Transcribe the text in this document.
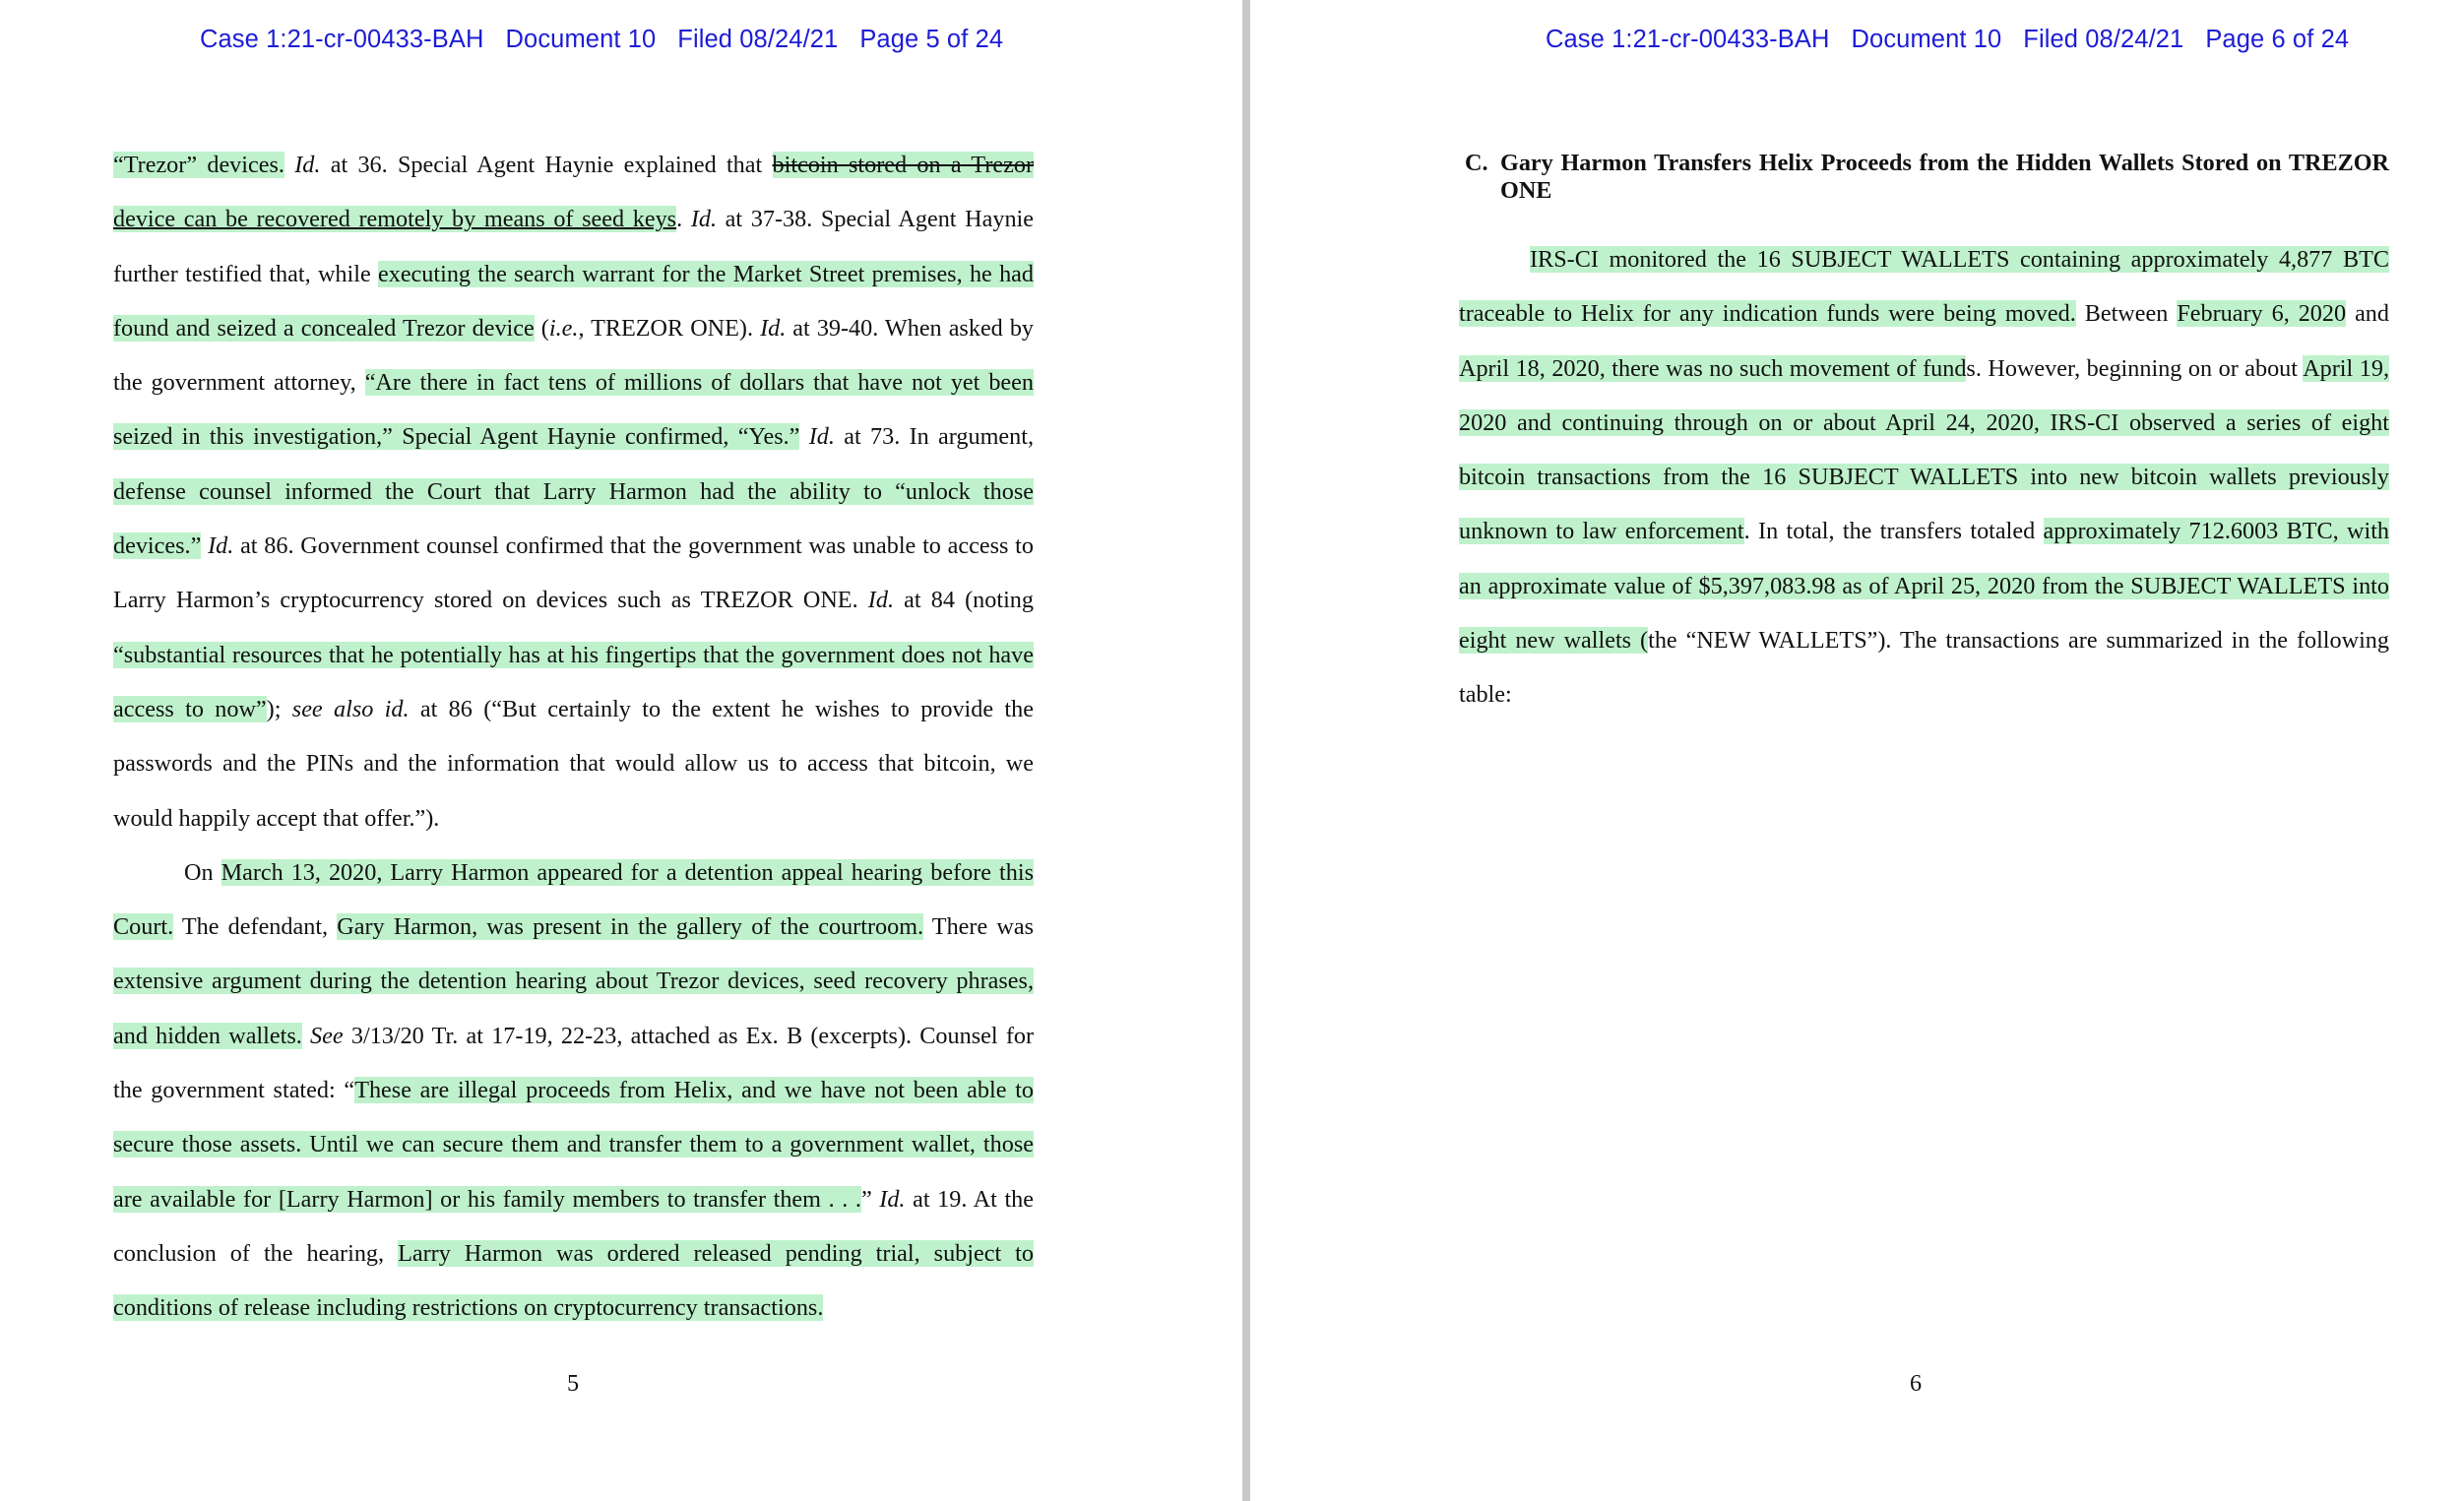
Case 1:21-cr-00433-BAH Document 10 Filed 08/24/21 Page 5 of 24

“Trezor” devices. Id. at 36. Special Agent Haynie explained that bitcoin stored on a Trezor device can be recovered remotely by means of seed keys. Id. at 37-38. Special Agent Haynie further testified that, while executing the search warrant for the Market Street premises, he had found and seized a concealed Trezor device (i.e., TREZOR ONE). Id. at 39-40. When asked by the government attorney, “Are there in fact tens of millions of dollars that have not yet been seized in this investigation,” Special Agent Haynie confirmed, “Yes.” Id. at 73. In argument, defense counsel informed the Court that Larry Harmon had the ability to “unlock those devices.” Id. at 86. Government counsel confirmed that the government was unable to access to Larry Harmon’s cryptocurrency stored on devices such as TREZOR ONE. Id. at 84 (noting “substantial resources that he potentially has at his fingertips that the government does not have access to now”); see also id. at 86 (“But certainly to the extent he wishes to provide the passwords and the PINs and the information that would allow us to access that bitcoin, we would happily accept that offer.”).

On March 13, 2020, Larry Harmon appeared for a detention appeal hearing before this Court. The defendant, Gary Harmon, was present in the gallery of the courtroom. There was extensive argument during the detention hearing about Trezor devices, seed recovery phrases, and hidden wallets. See 3/13/20 Tr. at 17-19, 22-23, attached as Ex. B (excerpts). Counsel for the government stated: “These are illegal proceeds from Helix, and we have not been able to secure those assets. Until we can secure them and transfer them to a government wallet, those are available for [Larry Harmon] or his family members to transfer them . . .” Id. at 19. At the conclusion of the hearing, Larry Harmon was ordered released pending trial, subject to conditions of release including restrictions on cryptocurrency transactions.

5
Case 1:21-cr-00433-BAH Document 10 Filed 08/24/21 Page 6 of 24
C. Gary Harmon Transfers Helix Proceeds from the Hidden Wallets Stored on TREZOR ONE

IRS-CI monitored the 16 SUBJECT WALLETS containing approximately 4,877 BTC traceable to Helix for any indication funds were being moved. Between February 6, 2020 and April 18, 2020, there was no such movement of funds. However, beginning on or about April 19, 2020 and continuing through on or about April 24, 2020, IRS-CI observed a series of eight bitcoin transactions from the 16 SUBJECT WALLETS into new bitcoin wallets previously unknown to law enforcement. In total, the transfers totaled approximately 712.6003 BTC, with an approximate value of $5,397,083.98 as of April 25, 2020 from the SUBJECT WALLETS into eight new wallets (the “NEW WALLETS”). The transactions are summarized in the following table:

6
